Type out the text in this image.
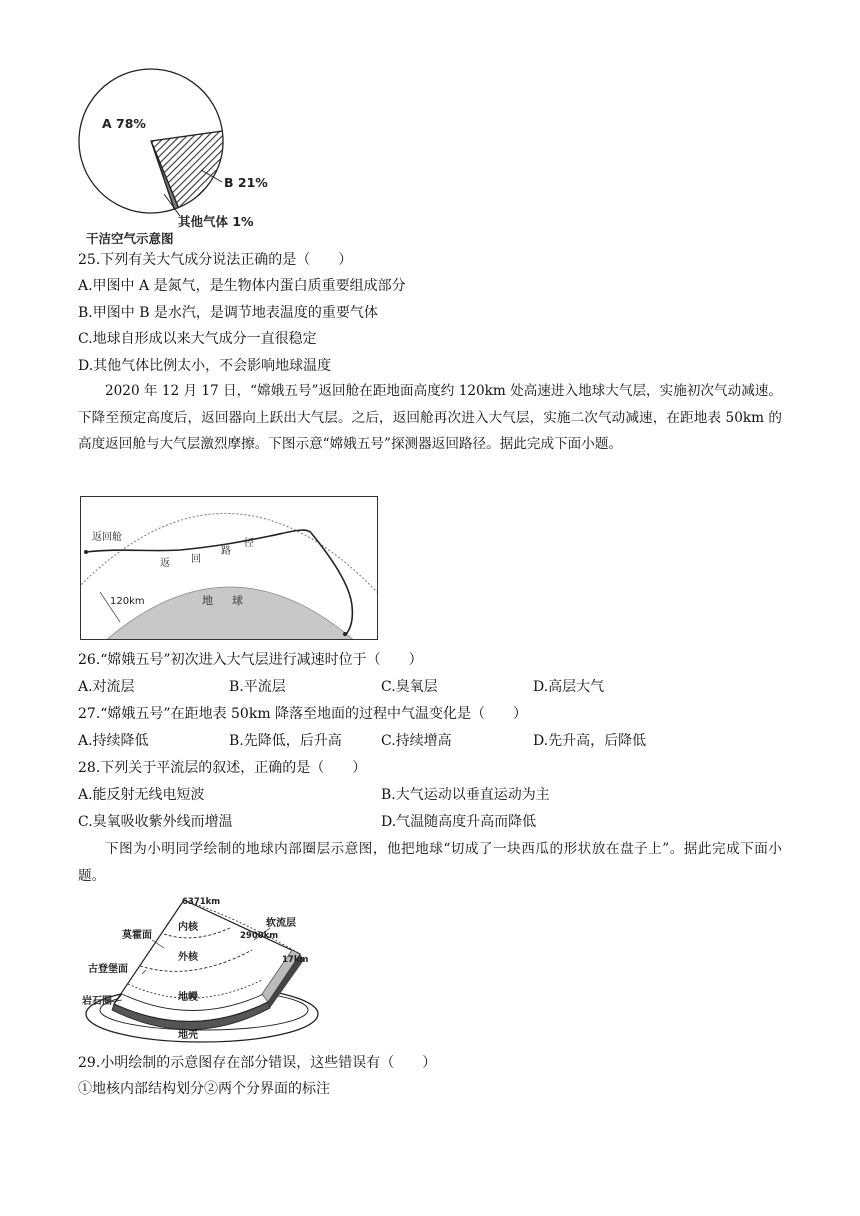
A 78%
B 21%
其他气体 1%
干洁空气示意图
25.下列有关大气成分说法正确的是（　　）
A.甲图中 A 是氮气，是生物体内蛋白质重要组成部分
B.甲图中 B 是水汽，是调节地表温度的重要气体
C.地球自形成以来大气成分一直很稳定
D.其他气体比例太小，不会影响地球温度
2020 年 12 月 17 日，“嫦娥五号”返回舱在距地面高度约 120km 处高速进入地球大气层，实施初次气动减速。下降至预定高度后，返回器向上跃出大气层。之后，返回舱再次进入大气层，实施二次气动减速，在距地表 50km 的高度返回舱与大气层激烈摩擦。下图示意“嫦娥五号”探测器返回路径。据此完成下面小题。
返回舱
返 回
路
径
120km	地 球
26.“嫦娥五号”初次进入大气层进行减速时位于（　　）
A.对流层	B.平流层	C.臭氧层	D.高层大气
27.“嫦娥五号”在距地表 50km 降落至地面的过程中气温变化是（　　）
A.持续降低	B.先降低，后升高	C.持续增高	D.先升高，后降低
28.下列关于平流层的叙述，正确的是（　　）
A.能反射无线电短波	B.大气运动以垂直运动为主
C.臭氧吸收紫外线而增温	D.气温随高度升高而降低
下图为小明同学绘制的地球内部圈层示意图，他把地球“切成了一块西瓜的形状放在盘子上”。据此完成下面小题。
6371km
内核
莫霍面
软流层
2900km
外核	17km
古登堡面
地幔
岩石圈
地壳
29.小明绘制的示意图存在部分错误，这些错误有（　　）
①地核内部结构划分②两个分界面的标注
